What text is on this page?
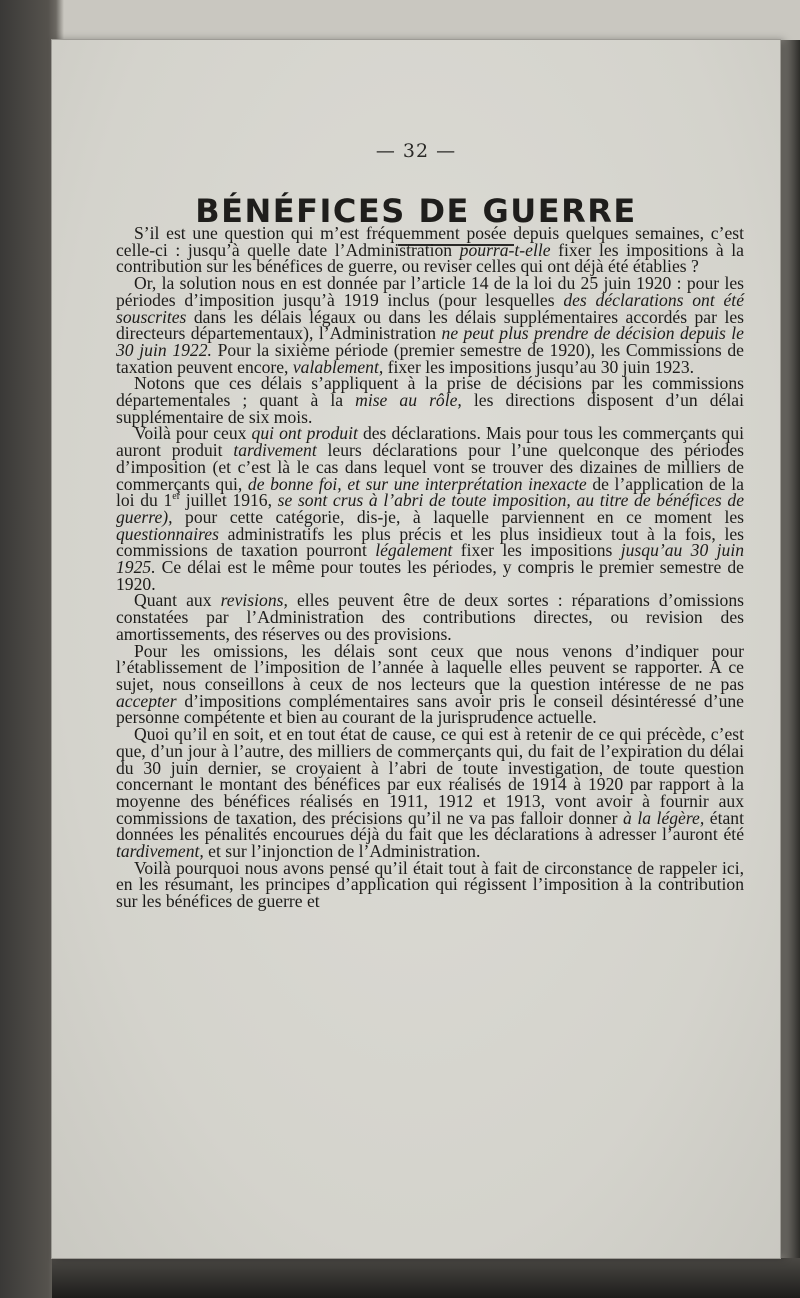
— 32 —
BÉNÉFICES DE GUERRE

S’il est une question qui m’est fréquemment posée depuis quelques semaines, c’est celle-ci : jusqu’à quelle date l’Administration pourra-t-elle fixer les impositions à la contribution sur les bénéfices de guerre, ou reviser celles qui ont déjà été établies ?

Or, la solution nous en est donnée par l’article 14 de la loi du 25 juin 1920 : pour les périodes d’imposition jusqu’à 1919 inclus (pour lesquelles des déclarations ont été souscrites dans les délais légaux ou dans les délais supplémentaires accordés par les directeurs départementaux), l’Administration ne peut plus prendre de décision depuis le 30 juin 1922. Pour la sixième période (premier semestre de 1920), les Commissions de taxation peuvent encore, valablement, fixer les impositions jusqu’au 30 juin 1923.

Notons que ces délais s’appliquent à la prise de décisions par les commissions départementales ; quant à la mise au rôle, les directions disposent d’un délai supplémentaire de six mois.

Voilà pour ceux qui ont produit des déclarations. Mais pour tous les commerçants qui auront produit tardivement leurs déclarations pour l’une quelconque des périodes d’imposition (et c’est là le cas dans lequel vont se trouver des dizaines de milliers de commerçants qui, de bonne foi, et sur une interprétation inexacte de l’application de la loi du 1er juillet 1916, se sont crus à l’abri de toute imposition, au titre de bénéfices de guerre), pour cette catégorie, dis-je, à laquelle parviennent en ce moment les questionnaires administratifs les plus précis et les plus insidieux tout à la fois, les commissions de taxation pourront légalement fixer les impositions jusqu’au 30 juin 1925. Ce délai est le même pour toutes les périodes, y compris le premier semestre de 1920.

Quant aux revisions, elles peuvent être de deux sortes : réparations d’omissions constatées par l’Administration des contributions directes, ou revision des amortissements, des réserves ou des provisions.

Pour les omissions, les délais sont ceux que nous venons d’indiquer pour l’établissement de l’imposition de l’année à laquelle elles peuvent se rapporter. A ce sujet, nous conseillons à ceux de nos lecteurs que la question intéresse de ne pas accepter d’impositions complémentaires sans avoir pris le conseil désintéressé d’une personne compétente et bien au courant de la jurisprudence actuelle.

Quoi qu’il en soit, et en tout état de cause, ce qui est à retenir de ce qui précède, c’est que, d’un jour à l’autre, des milliers de commerçants qui, du fait de l’expiration du délai du 30 juin dernier, se croyaient à l’abri de toute investigation, de toute question concernant le montant des bénéfices par eux réalisés de 1914 à 1920 par rapport à la moyenne des bénéfices réalisés en 1911, 1912 et 1913, vont avoir à fournir aux commissions de taxation, des précisions qu’il ne va pas falloir donner à la légère, étant données les pénalités encourues déjà du fait que les déclarations à adresser l’auront été tardivement, et sur l’injonction de l’Administration.

Voilà pourquoi nous avons pensé qu’il était tout à fait de circonstance de rappeler ici, en les résumant, les principes d’application qui régissent l’imposition à la contribution sur les bénéfices de guerre et
